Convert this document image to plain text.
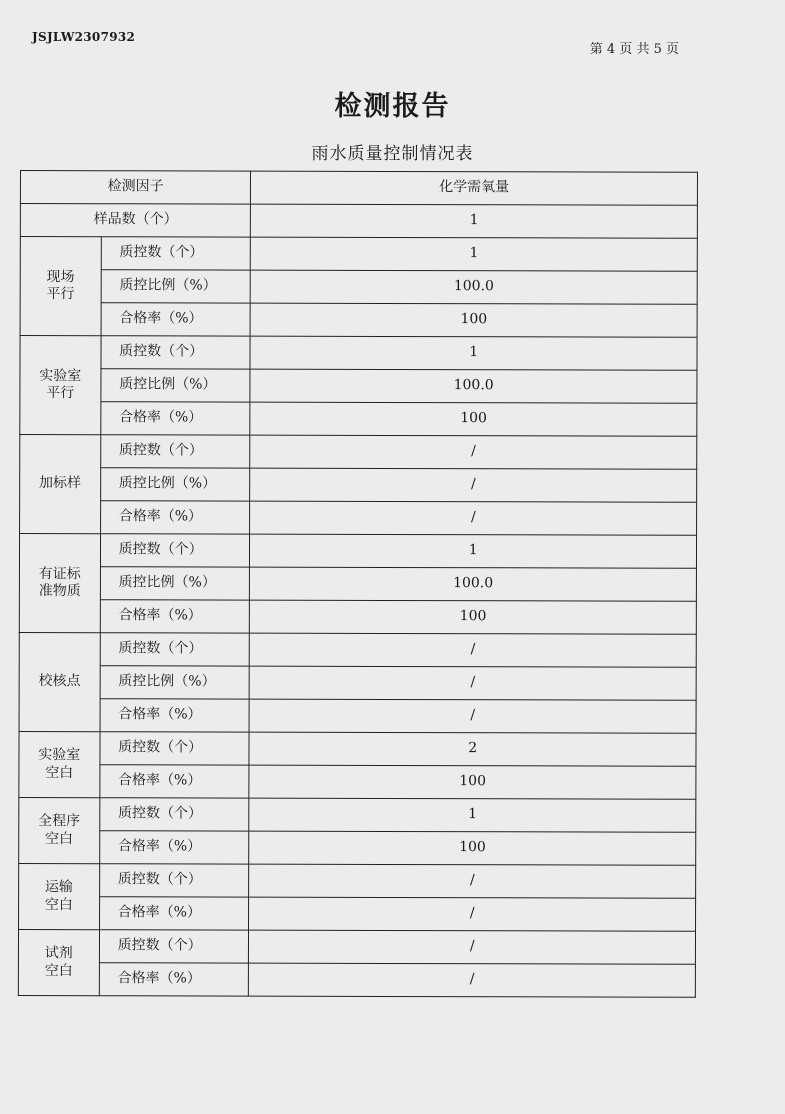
JSJLW2307932
第 4 页 共 5 页
检测报告
雨水质量控制情况表
检测因子		化学需氧量
样品数（个）		1

现场
平行	质控数（个）	1
	质控比例（%）	100.0
	合格率（%）	100

实验室
平行	质控数（个）	1
	质控比例（%）	100.0
	合格率（%）	100

加标样	质控数（个）	/
	质控比例（%）	/
	合格率（%）	/

有证标
准物质	质控数（个）	1
	质控比例（%）	100.0
	合格率（%）	100

校核点	质控数（个）	/
	质控比例（%）	/
	合格率（%）	/

实验室
空白	质控数（个）	2
	合格率（%）	100

全程序
空白	质控数（个）	1
	合格率（%）	100

运输
空白	质控数（个）	/
	合格率（%）	/

试剂
空白	质控数（个）	/
	合格率（%）	/
